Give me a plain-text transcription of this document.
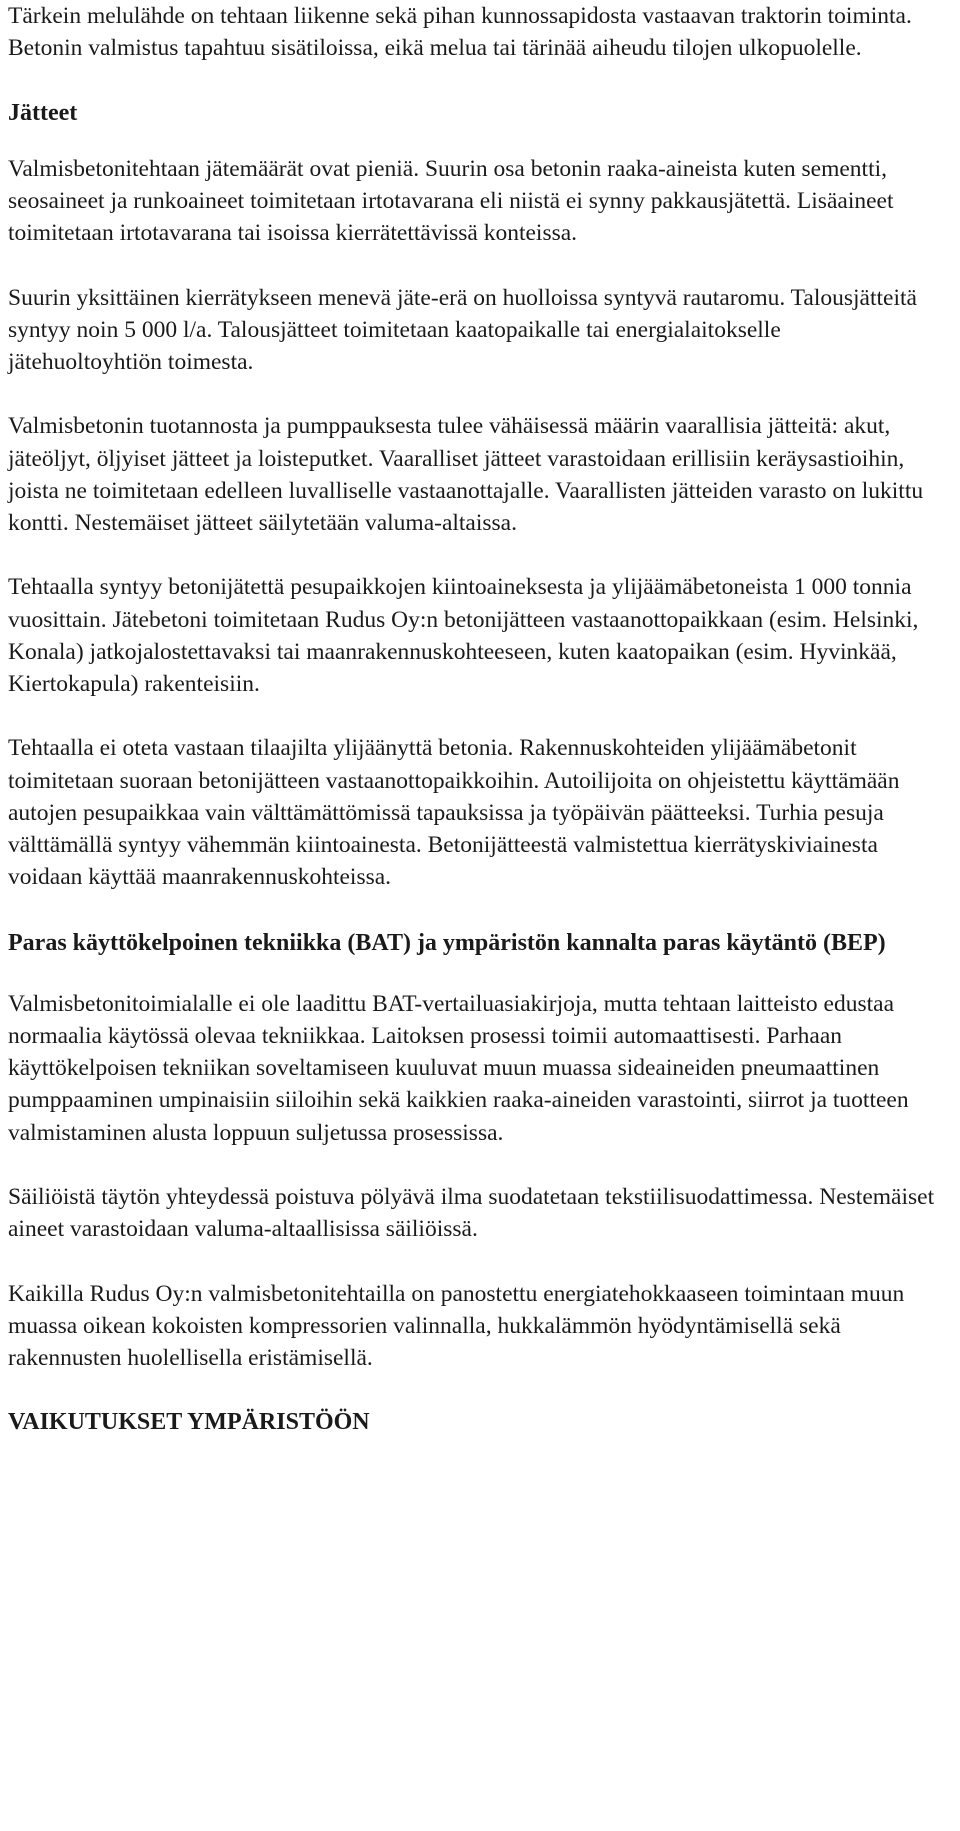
Tärkein melulähde on tehtaan liikenne sekä pihan kunnossapidosta vastaavan traktorin toiminta. Betonin valmistus tapahtuu sisätiloissa, eikä melua tai tärinää aiheudu tilojen ulkopuolelle.

Jätteet

Valmisbetonitehtaan jätemäärät ovat pieniä. Suurin osa betonin raaka-aineista kuten sementti, seosaineet ja runkoaineet toimitetaan irtotavarana eli niistä ei synny pakkausjätettä. Lisäaineet toimitetaan irtotavarana tai isoissa kierrätettävissä konteissa.

Suurin yksittäinen kierrätykseen menevä jäte-erä on huolloissa syntyvä rautaromu. Talousjätteitä syntyy noin 5 000 l/a. Talousjätteet toimitetaan kaatopaikalle tai energialaitokselle jätehuoltoyhtiön toimesta.

Valmisbetonin tuotannosta ja pumppauksesta tulee vähäisessä määrin vaarallisia jätteitä: akut, jäteöljyt, öljyiset jätteet ja loisteputket. Vaaralliset jätteet varastoidaan erillisiin keräysastioihin, joista ne toimitetaan edelleen luvalliselle vastaanottajalle. Vaarallisten jätteiden varasto on lukittu kontti. Nestemäiset jätteet säilytetään valuma-altaissa.

Tehtaalla syntyy betonijätettä pesupaikkojen kiintoaineksesta ja ylijäämäbetoneista 1 000 tonnia vuosittain. Jätebetoni toimitetaan Rudus Oy:n betonijätteen vastaanottopaikkaan (esim. Helsinki, Konala) jatkojalostettavaksi tai maanrakennuskohteeseen, kuten kaatopaikan (esim. Hyvinkää, Kiertokapula) rakenteisiin.

Tehtaalla ei oteta vastaan tilaajilta ylijäänyttä betonia. Rakennuskohteiden ylijäämäbetonit toimitetaan suoraan betonijätteen vastaanottopaikkoihin. Autoilijoita on ohjeistettu käyttämään autojen pesupaikkaa vain välttämättömissä tapauksissa ja työpäivän päätteeksi. Turhia pesuja välttämällä syntyy vähemmän kiintoainesta. Betonijätteestä valmistettua kierrätyskiviainesta voidaan käyttää maanrakennuskohteissa.

Paras käyttökelpoinen tekniikka (BAT) ja ympäristön kannalta paras käytäntö (BEP)

Valmisbetonitoimialalle ei ole laadittu BAT-vertailuasiakirjoja, mutta tehtaan laitteisto edustaa normaalia käytössä olevaa tekniikkaa. Laitoksen prosessi toimii automaattisesti. Parhaan käyttökelpoisen tekniikan soveltamiseen kuuluvat muun muassa sideaineiden pneumaattinen pumppaaminen umpinaisiin siiloihin sekä kaikkien raaka-aineiden varastointi, siirrot ja tuotteen valmistaminen alusta loppuun suljetussa prosessissa.

Säiliöistä täytön yhteydessä poistuva pölyävä ilma suodatetaan tekstiilisuodattimessa. Nestemäiset aineet varastoidaan valuma-altaallisissa säiliöissä.

Kaikilla Rudus Oy:n valmisbetonitehtailla on panostettu energiatehokkaaseen toimintaan muun muassa oikean kokoisten kompressorien valinnalla, hukkalämmön hyödyntämisellä sekä rakennusten huolellisella eristämisellä.

VAIKUTUKSET YMPÄRISTÖÖN
